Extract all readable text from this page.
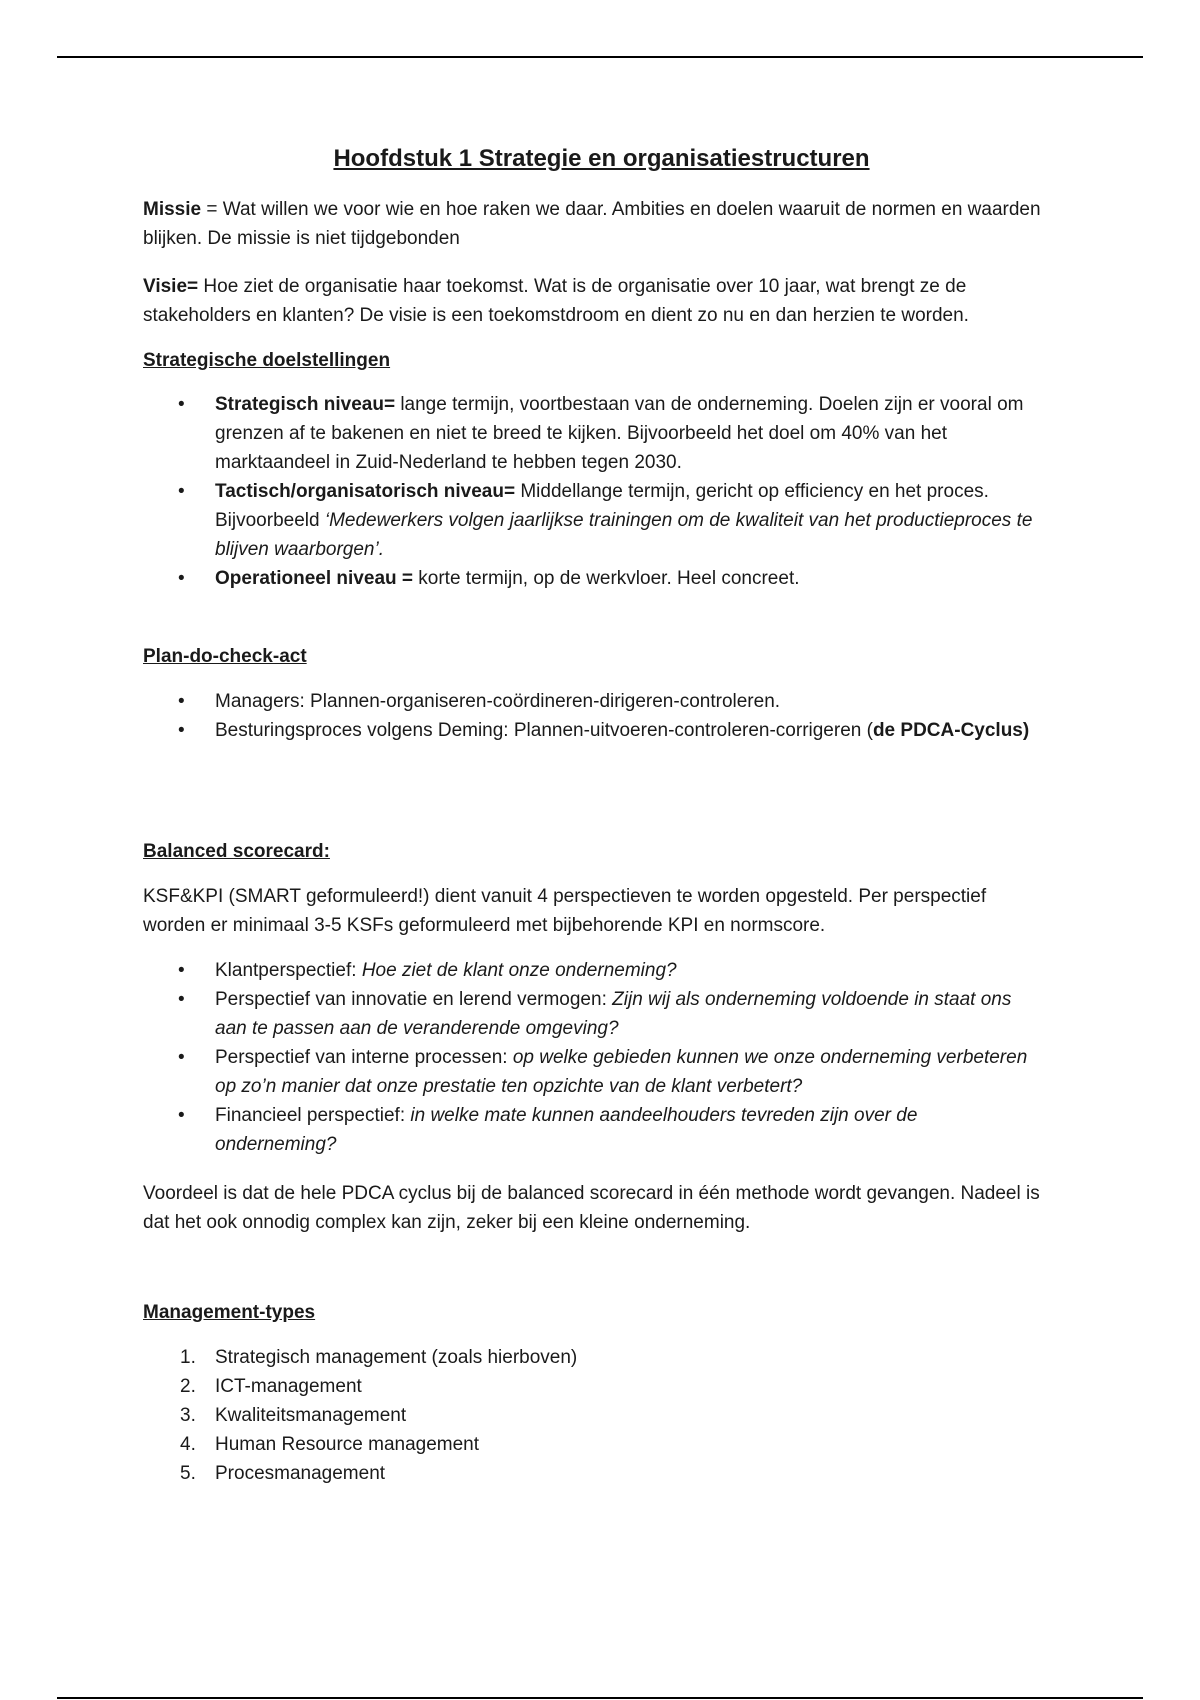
Hoofdstuk 1 Strategie en organisatiestructuren

Missie = Wat willen we voor wie en hoe raken we daar. Ambities en doelen waaruit de normen en waarden blijken. De missie is niet tijdgebonden

Visie= Hoe ziet de organisatie haar toekomst. Wat is de organisatie over 10 jaar, wat brengt ze de stakeholders en klanten? De visie is een toekomstdroom en dient zo nu en dan herzien te worden.

Strategische doelstellingen

• Strategisch niveau= lange termijn, voortbestaan van de onderneming. Doelen zijn er vooral om grenzen af te bakenen en niet te breed te kijken. Bijvoorbeeld het doel om 40% van het marktaandeel in Zuid-Nederland te hebben tegen 2030.
• Tactisch/organisatorisch niveau= Middellange termijn, gericht op efficiency en het proces. Bijvoorbeeld ‘Medewerkers volgen jaarlijkse trainingen om de kwaliteit van het productieproces te blijven waarborgen’.
• Operationeel niveau = korte termijn, op de werkvloer. Heel concreet.

Plan-do-check-act

• Managers: Plannen-organiseren-coördineren-dirigeren-controleren.
• Besturingsproces volgens Deming: Plannen-uitvoeren-controleren-corrigeren (de PDCA-Cyclus)

Balanced scorecard:

KSF&KPI (SMART geformuleerd!) dient vanuit 4 perspectieven te worden opgesteld. Per perspectief worden er minimaal 3-5 KSFs geformuleerd met bijbehorende KPI en normscore.

• Klantperspectief: Hoe ziet de klant onze onderneming?
• Perspectief van innovatie en lerend vermogen: Zijn wij als onderneming voldoende in staat ons aan te passen aan de veranderende omgeving?
• Perspectief van interne processen: op welke gebieden kunnen we onze onderneming verbeteren op zo’n manier dat onze prestatie ten opzichte van de klant verbetert?
• Financieel perspectief: in welke mate kunnen aandeelhouders tevreden zijn over de onderneming?

Voordeel is dat de hele PDCA cyclus bij de balanced scorecard in één methode wordt gevangen. Nadeel is dat het ook onnodig complex kan zijn, zeker bij een kleine onderneming.

Management-types

1. Strategisch management (zoals hierboven)
2. ICT-management
3. Kwaliteitsmanagement
4. Human Resource management
5. Procesmanagement
